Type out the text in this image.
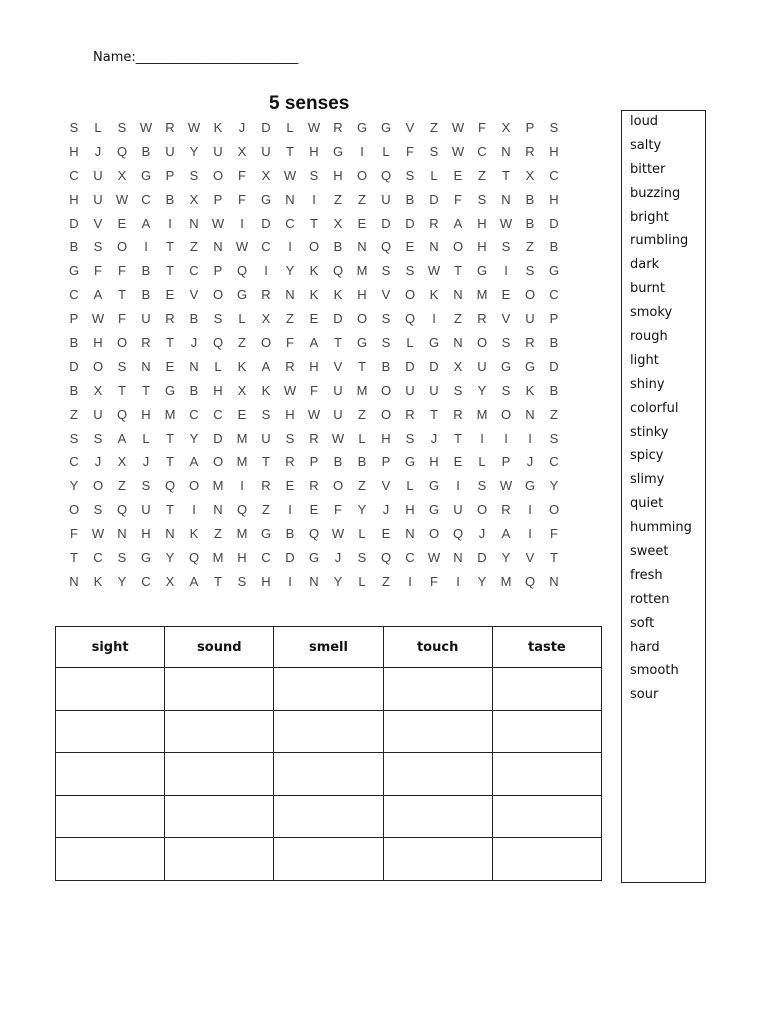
Name:_________________________
5 senses
S	L	S	W	R	W	K	J	D	L	W	R	G	G	V	Z	W	F	X	P	S
H	J	Q	B	U	Y	U	X	U	T	H	G	I	L	F	S	W	C	N	R	H
C	U	X	G	P	S	O	F	X	W	S	H	O	Q	S	L	E	Z	T	X	C
H	U	W	C	B	X	P	F	G	N	I	Z	Z	U	B	D	F	S	N	B	H
D	V	E	A	I	N	W	I	D	C	T	X	E	D	D	R	A	H	W	B	D
B	S	O	I	T	Z	N	W	C	I	O	B	N	Q	E	N	O	H	S	Z	B
G	F	F	B	T	C	P	Q	I	Y	K	Q	M	S	S	W	T	G	I	S	G
C	A	T	B	E	V	O	G	R	N	K	K	H	V	O	K	N	M	E	O	C
P	W	F	U	R	B	S	L	X	Z	E	D	O	S	Q	I	Z	R	V	U	P
B	H	O	R	T	J	Q	Z	O	F	A	T	G	S	L	G	N	O	S	R	B
D	O	S	N	E	N	L	K	A	R	H	V	T	B	D	D	X	U	G	G	D
B	X	T	T	G	B	H	X	K	W	F	U	M	O	U	U	S	Y	S	K	B
Z	U	Q	H	M	C	C	E	S	H	W	U	Z	O	R	T	R	M	O	N	Z
S	S	A	L	T	Y	D	M	U	S	R	W	L	H	S	J	T	I	I	I	S
C	J	X	J	T	A	O	M	T	R	P	B	B	P	G	H	E	L	P	J	C
Y	O	Z	S	Q	O	M	I	R	E	R	O	Z	V	L	G	I	S	W G	Y
O	S	Q	U	T	I	N	Q	Z	I	E	F	Y	J	H	G	U	O	R	I	O
F	W	N	H	N	K	Z	M	G	B	Q W	L	E	N	O	Q	J	A	I	F
T	C	S	G	Y	Q	M	H	C	D	G	J	S	Q	C	W	N	D	Y	V	T
N	K	Y	C	X	A	T	S	H	I	N	Y	L	Z	I	F	I	Y	M	Q	N
loud
salty
bitter
buzzing
bright
rumbling
dark
burnt
smoky
rough
light
shiny
colorful
stinky
spicy
slimy
quiet
humming
sweet
fresh
rotten
soft
hard
smooth
sour
sight	sound	smell	touch	taste
